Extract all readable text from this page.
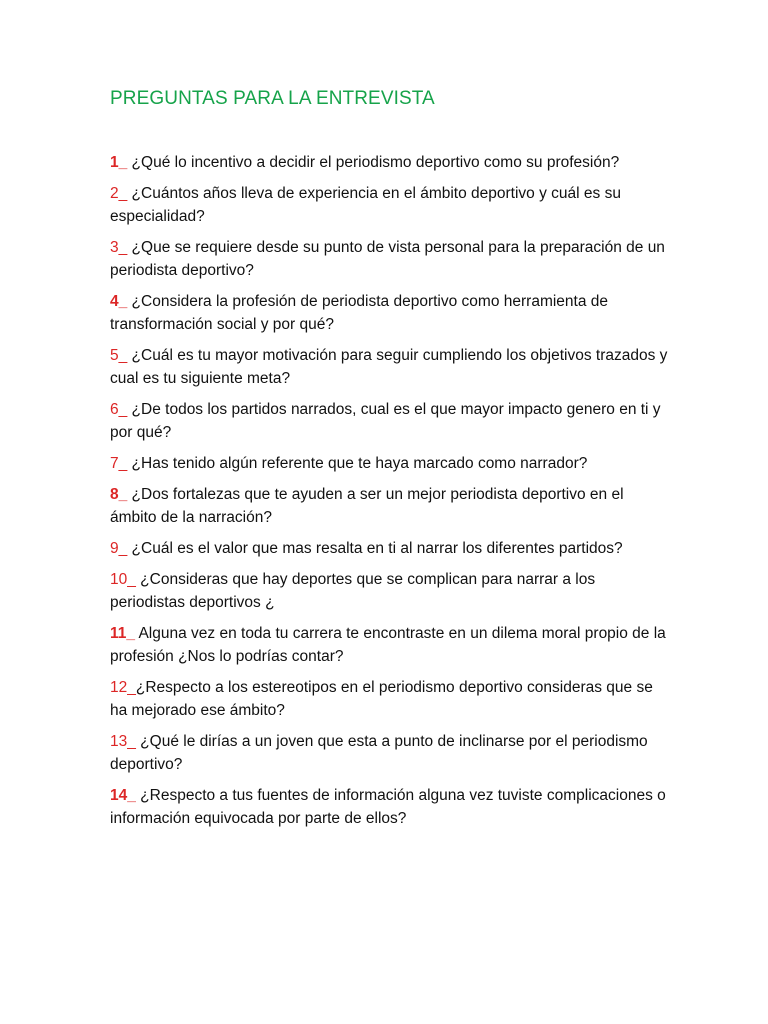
PREGUNTAS PARA LA ENTREVISTA
1_ ¿Qué lo incentivo a decidir el periodismo deportivo como su profesión?
2_ ¿Cuántos años lleva de experiencia en el ámbito deportivo y cuál es su especialidad?
3_ ¿Que se requiere desde su punto de vista personal para la preparación de un periodista deportivo?
4_ ¿Considera la profesión de periodista deportivo como herramienta de transformación social y por qué?
5_ ¿Cuál es tu mayor motivación para seguir cumpliendo los objetivos trazados y cual es tu siguiente meta?
6_ ¿De todos los partidos narrados, cual es el que mayor impacto genero en ti y por qué?
7_ ¿Has tenido algún referente que te haya marcado como narrador?
8_ ¿Dos fortalezas que te ayuden a ser un mejor periodista deportivo en el ámbito de la narración?
9_ ¿Cuál es el valor que mas resalta en ti al narrar los diferentes partidos?
10_ ¿Consideras que hay deportes que se complican para narrar a los periodistas deportivos ¿
11_ Alguna vez en toda tu carrera te encontraste en un dilema moral propio de la profesión ¿Nos lo podrías contar?
12_¿Respecto a los estereotipos en el periodismo deportivo consideras que se ha mejorado ese ámbito?
13_ ¿Qué le dirías a un joven que esta a punto de inclinarse por el periodismo deportivo?
14_ ¿Respecto a tus fuentes de información alguna vez tuviste complicaciones o información equivocada por parte de ellos?
